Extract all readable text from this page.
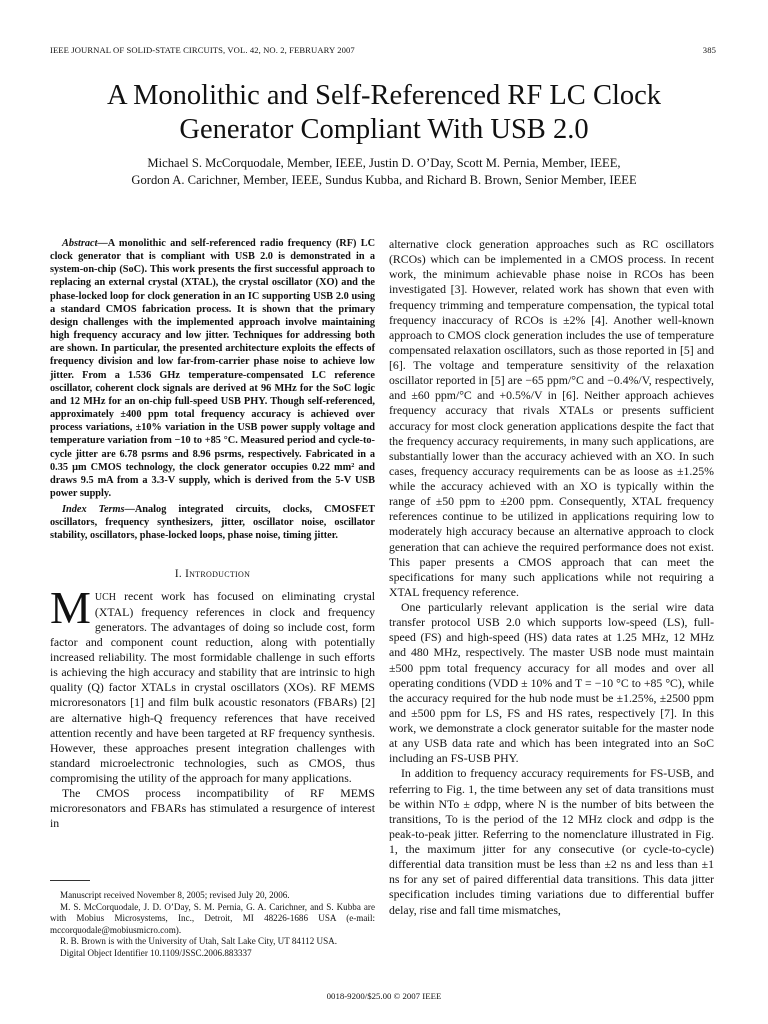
IEEE JOURNAL OF SOLID-STATE CIRCUITS, VOL. 42, NO. 2, FEBRUARY 2007	385
A Monolithic and Self-Referenced RF LC Clock
Generator Compliant With USB 2.0
Michael S. McCorquodale, Member, IEEE, Justin D. O’Day, Scott M. Pernia, Member, IEEE,
Gordon A. Carichner, Member, IEEE, Sundus Kubba, and Richard B. Brown, Senior Member, IEEE

Abstract—A monolithic and self-referenced radio frequency (RF) LC clock generator that is compliant with USB 2.0 is demonstrated in a system-on-chip (SoC). This work presents the first successful approach to replacing an external crystal (XTAL), the crystal oscillator (XO) and the phase-locked loop for clock generation in an IC supporting USB 2.0 using a standard CMOS fabrication process. It is shown that the primary design challenges with the implemented approach involve maintaining high frequency accuracy and low jitter. Techniques for addressing both are shown. In particular, the presented architecture exploits the effects of frequency division and low far-from-carrier phase noise to achieve low jitter. From a 1.536 GHz temperature-compensated LC reference oscillator, coherent clock signals are derived at 96 MHz for the SoC logic and 12 MHz for an on-chip full-speed USB PHY. Though self-referenced, approximately ±400 ppm total frequency accuracy is achieved over process variations, ±10% variation in the USB power supply voltage and temperature variation from −10 to +85 °C. Measured period and cycle-to-cycle jitter are 6.78 psrms and 8.96 psrms, respectively. Fabricated in a 0.35 μm CMOS technology, the clock generator occupies 0.22 mm² and draws 9.5 mA from a 3.3-V supply, which is derived from the 5-V USB power supply.

Index Terms—Analog integrated circuits, clocks, CMOSFET oscillators, frequency synthesizers, jitter, oscillator noise, oscillator stability, oscillators, phase-locked loops, phase noise, timing jitter.

I. Introduction

MUCH recent work has focused on eliminating crystal (XTAL) frequency references in clock and frequency generators. The advantages of doing so include cost, form factor and component count reduction, along with potentially increased reliability. The most formidable challenge in such efforts is achieving the high accuracy and stability that are intrinsic to high quality (Q) factor XTALs in crystal oscillators (XOs). RF MEMS microresonators [1] and film bulk acoustic resonators (FBARs) [2] are alternative high-Q frequency references that have received attention recently and have been targeted at RF frequency synthesis. However, these approaches present integration challenges with standard microelectronic technologies, such as CMOS, thus compromising the utility of the approach for many applications.

The CMOS process incompatibility of RF MEMS microresonators and FBARs has stimulated a resurgence of interest in

Manuscript received November 8, 2005; revised July 20, 2006.

M. S. McCorquodale, J. D. O’Day, S. M. Pernia, G. A. Carichner, and S. Kubba are with Mobius Microsystems, Inc., Detroit, MI 48226-1686 USA (e-mail: mccorquodale@mobiusmicro.com).

R. B. Brown is with the University of Utah, Salt Lake City, UT 84112 USA.

Digital Object Identifier 10.1109/JSSC.2006.883337

alternative clock generation approaches such as RC oscillators (RCOs) which can be implemented in a CMOS process. In recent work, the minimum achievable phase noise in RCOs has been investigated [3]. However, related work has shown that even with frequency trimming and temperature compensation, the typical total frequency inaccuracy of RCOs is ±2% [4]. Another well-known approach to CMOS clock generation includes the use of temperature compensated relaxation oscillators, such as those reported in [5] and [6]. The voltage and temperature sensitivity of the relaxation oscillator reported in [5] are −65 ppm/°C and −0.4%/V, respectively, and ±60 ppm/°C and +0.5%/V in [6]. Neither approach achieves frequency accuracy that rivals XTALs or presents sufficient accuracy for most clock generation applications despite the fact that the frequency accuracy requirements, in many such applications, are substantially lower than the accuracy achieved with an XO. In such cases, frequency accuracy requirements can be as loose as ±1.25% while the accuracy achieved with an XO is typically within the range of ±50 ppm to ±200 ppm. Consequently, XTAL frequency references continue to be utilized in applications requiring low to moderately high accuracy because an alternative approach to clock generation that can achieve the required performance does not exist. This paper presents a CMOS approach that can meet the specifications for many such applications while not requiring a XTAL frequency reference.

One particularly relevant application is the serial wire data transfer protocol USB 2.0 which supports low-speed (LS), full-speed (FS) and high-speed (HS) data rates at 1.25 MHz, 12 MHz and 480 MHz, respectively. The master USB node must maintain ±500 ppm total frequency accuracy for all modes and over all operating conditions (VDD ± 10% and T = −10 °C to +85 °C), while the accuracy required for the hub node must be ±1.25%, ±2500 ppm and ±500 ppm for LS, FS and HS rates, respectively [7]. In this work, we demonstrate a clock generator suitable for the master node at any USB data rate and which has been integrated into an SoC including an FS-USB PHY.

In addition to frequency accuracy requirements for FS-USB, and referring to Fig. 1, the time between any set of data transitions must be within NTo ± σdpp, where N is the number of bits between the transitions, To is the period of the 12 MHz clock and σdpp is the peak-to-peak jitter. Referring to the nomenclature illustrated in Fig. 1, the maximum jitter for any consecutive (or cycle-to-cycle) differential data transition must be less than ±2 ns and less than ±1 ns for any set of paired differential data transitions. This data jitter specification includes timing variations due to differential buffer delay, rise and fall time mismatches,

0018-9200/$25.00 © 2007 IEEE
